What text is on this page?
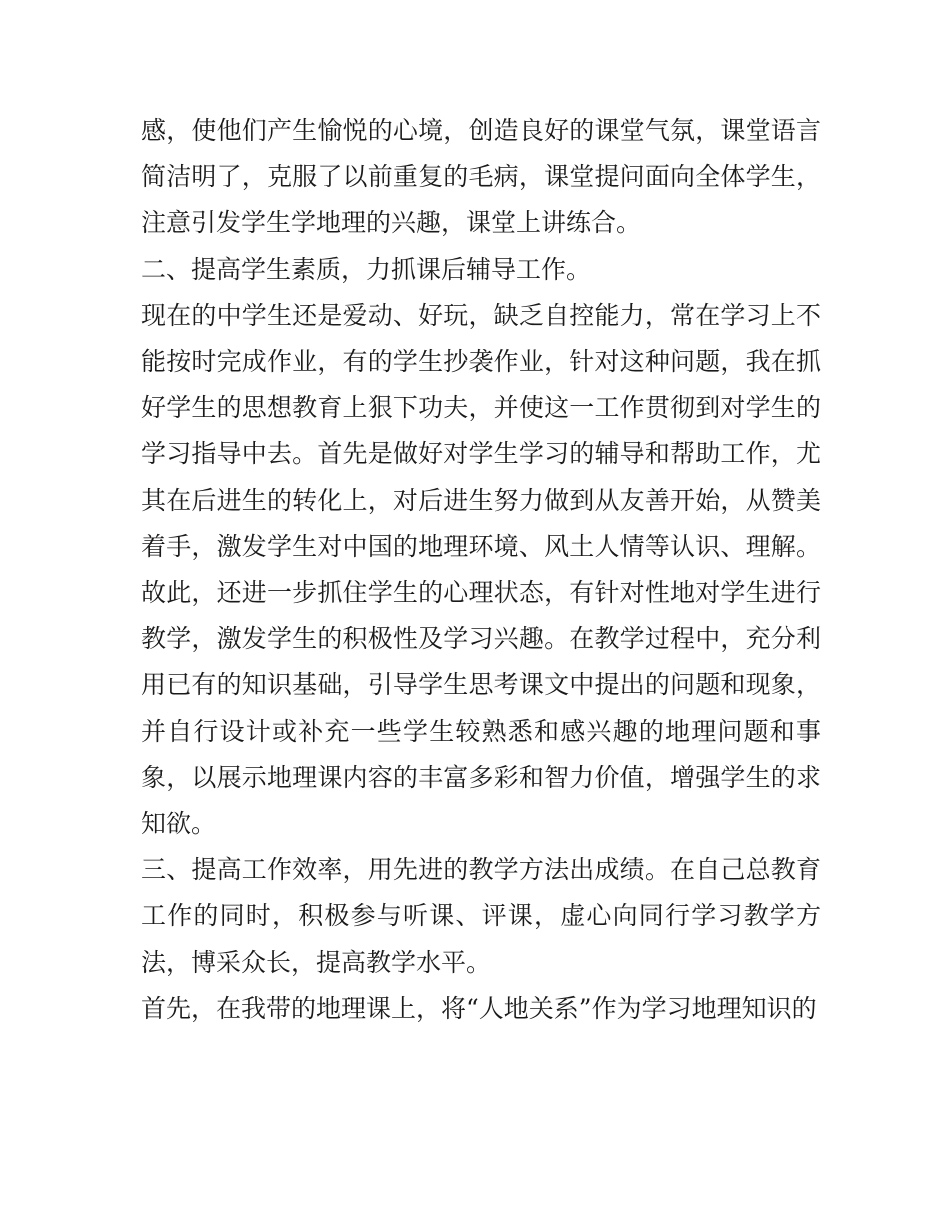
感，使他们产生愉悦的心境，创造良好的课堂气氛，课堂语言简洁明了，克服了以前重复的毛病，课堂提问面向全体学生，注意引发学生学地理的兴趣，课堂上讲练合。

二、提高学生素质，力抓课后辅导工作。

现在的中学生还是爱动、好玩，缺乏自控能力，常在学习上不能按时完成作业，有的学生抄袭作业，针对这种问题，我在抓好学生的思想教育上狠下功夫，并使这一工作贯彻到对学生的学习指导中去。首先是做好对学生学习的辅导和帮助工作，尤其在后进生的转化上，对后进生努力做到从友善开始，从赞美着手，激发学生对中国的地理环境、风土人情等认识、理解。故此，还进一步抓住学生的心理状态，有针对性地对学生进行教学，激发学生的积极性及学习兴趣。在教学过程中，充分利用已有的知识基础，引导学生思考课文中提出的问题和现象，并自行设计或补充一些学生较熟悉和感兴趣的地理问题和事象，以展示地理课内容的丰富多彩和智力价值，增强学生的求知欲。

三、提高工作效率，用先进的教学方法出成绩。在自己总教育工作的同时，积极参与听课、评课，虚心向同行学习教学方法，博采众长，提高教学水平。

首先，在我带的地理课上，将“人地关系”作为学习地理知识的
